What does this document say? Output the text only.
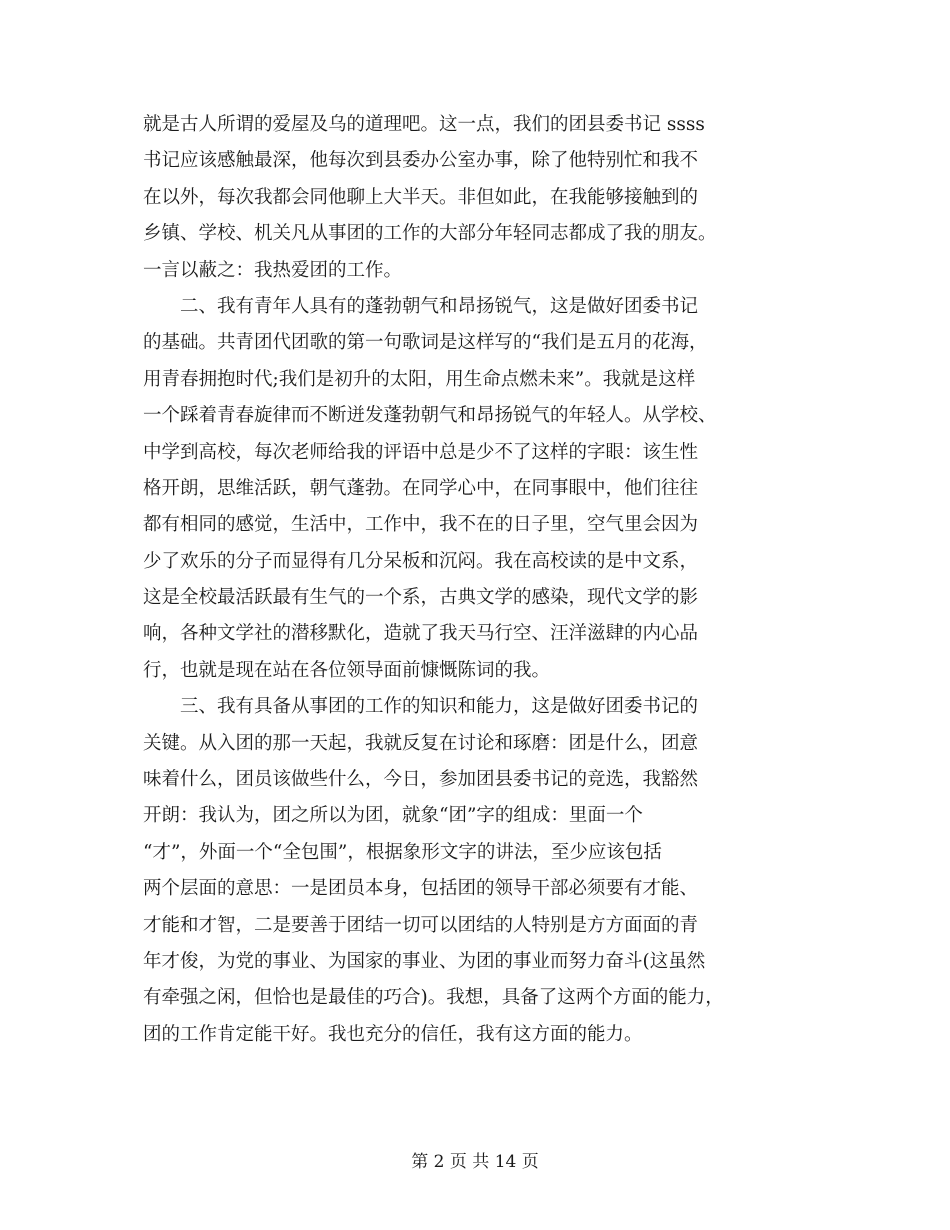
就是古人所谓的爱屋及乌的道理吧。这一点，我们的团县委书记 ssss
书记应该感触最深，他每次到县委办公室办事，除了他特别忙和我不
在以外，每次我都会同他聊上大半天。非但如此，在我能够接触到的
乡镇、学校、机关凡从事团的工作的大部分年轻同志都成了我的朋友。
一言以蔽之：我热爱团的工作。
　　二、我有青年人具有的蓬勃朝气和昂扬锐气，这是做好团委书记
的基础。共青团代团歌的第一句歌词是这样写的“我们是五月的花海，
用青春拥抱时代;我们是初升的太阳，用生命点燃未来”。我就是这样
一个踩着青春旋律而不断迸发蓬勃朝气和昂扬锐气的年轻人。从学校、
中学到高校，每次老师给我的评语中总是少不了这样的字眼：该生性
格开朗，思维活跃，朝气蓬勃。在同学心中，在同事眼中，他们往往
都有相同的感觉，生活中，工作中，我不在的日子里，空气里会因为
少了欢乐的分子而显得有几分呆板和沉闷。我在高校读的是中文系，
这是全校最活跃最有生气的一个系，古典文学的感染，现代文学的影
响，各种文学社的潜移默化，造就了我天马行空、汪洋滋肆的内心品
行，也就是现在站在各位领导面前慷慨陈词的我。
　　三、我有具备从事团的工作的知识和能力，这是做好团委书记的
关键。从入团的那一天起，我就反复在讨论和琢磨：团是什么，团意
味着什么，团员该做些什么，今日，参加团县委书记的竞选，我豁然
开朗：我认为，团之所以为团，就象“团”字的组成：里面一个
“才”，外面一个“全包围”，根据象形文字的讲法，至少应该包括
两个层面的意思：一是团员本身，包括团的领导干部必须要有才能、
才能和才智，二是要善于团结一切可以团结的人特别是方方面面的青
年才俊，为党的事业、为国家的事业、为团的事业而努力奋斗(这虽然
有牵强之闲，但恰也是最佳的巧合)。我想，具备了这两个方面的能力，
团的工作肯定能干好。我也充分的信任，我有这方面的能力。
第 2 页 共 14 页
